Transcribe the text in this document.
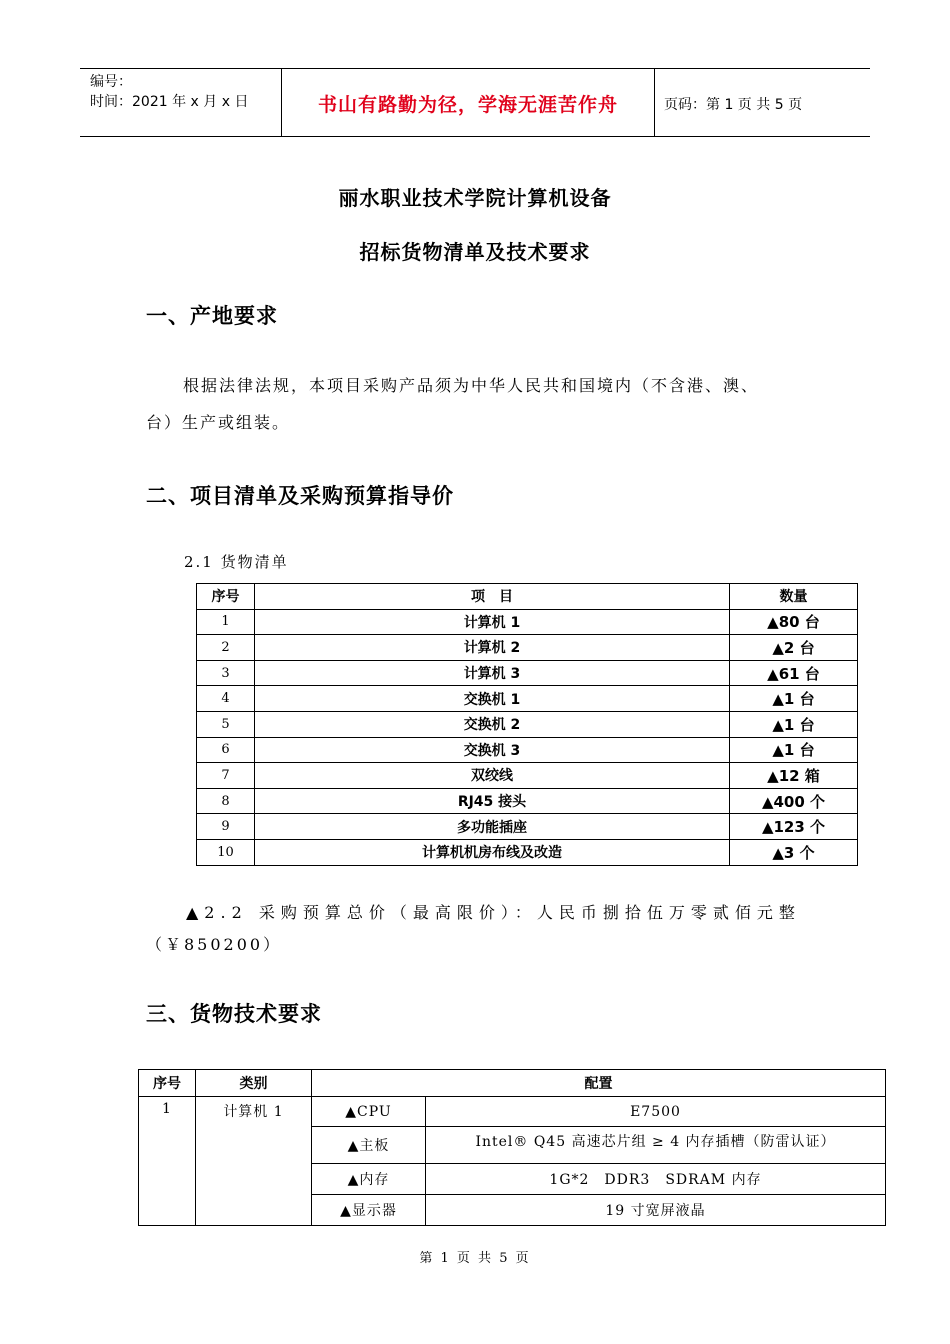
编号：
时间：2021 年 x 月 x 日	书山有路勤为径，学海无涯苦作舟	页码：第 1 页 共 5 页
丽水职业技术学院计算机设备
招标货物清单及技术要求
一、产地要求
根据法律法规，本项目采购产品须为中华人民共和国境内（不含港、澳、
台）生产或组装。
二、项目清单及采购预算指导价
2.1 货物清单
序号	项　目	数量
1	计算机 1	▲80 台
2	计算机 2	▲2 台
3	计算机 3	▲61 台
4	交换机 1	▲1 台
5	交换机 2	▲1 台
6	交换机 3	▲1 台
7	双绞线	▲12 箱
8	RJ45 接头	▲400 个
9	多功能插座	▲123 个
10	计算机机房布线及改造	▲3 个
▲2.2 采购预算总价（最高限价）：人民币捌拾伍万零贰佰元整
（￥850200）
三、货物技术要求
序号	类别	配置	
1	计算机 1	▲CPU	E7500
		▲主板	Intel® Q45 高速芯片组 ≥ 4 内存插槽（防雷认证）
		▲内存	1G*2　DDR3　SDRAM 内存
		▲显示器	19 寸宽屏液晶
第 1 页 共 5 页
